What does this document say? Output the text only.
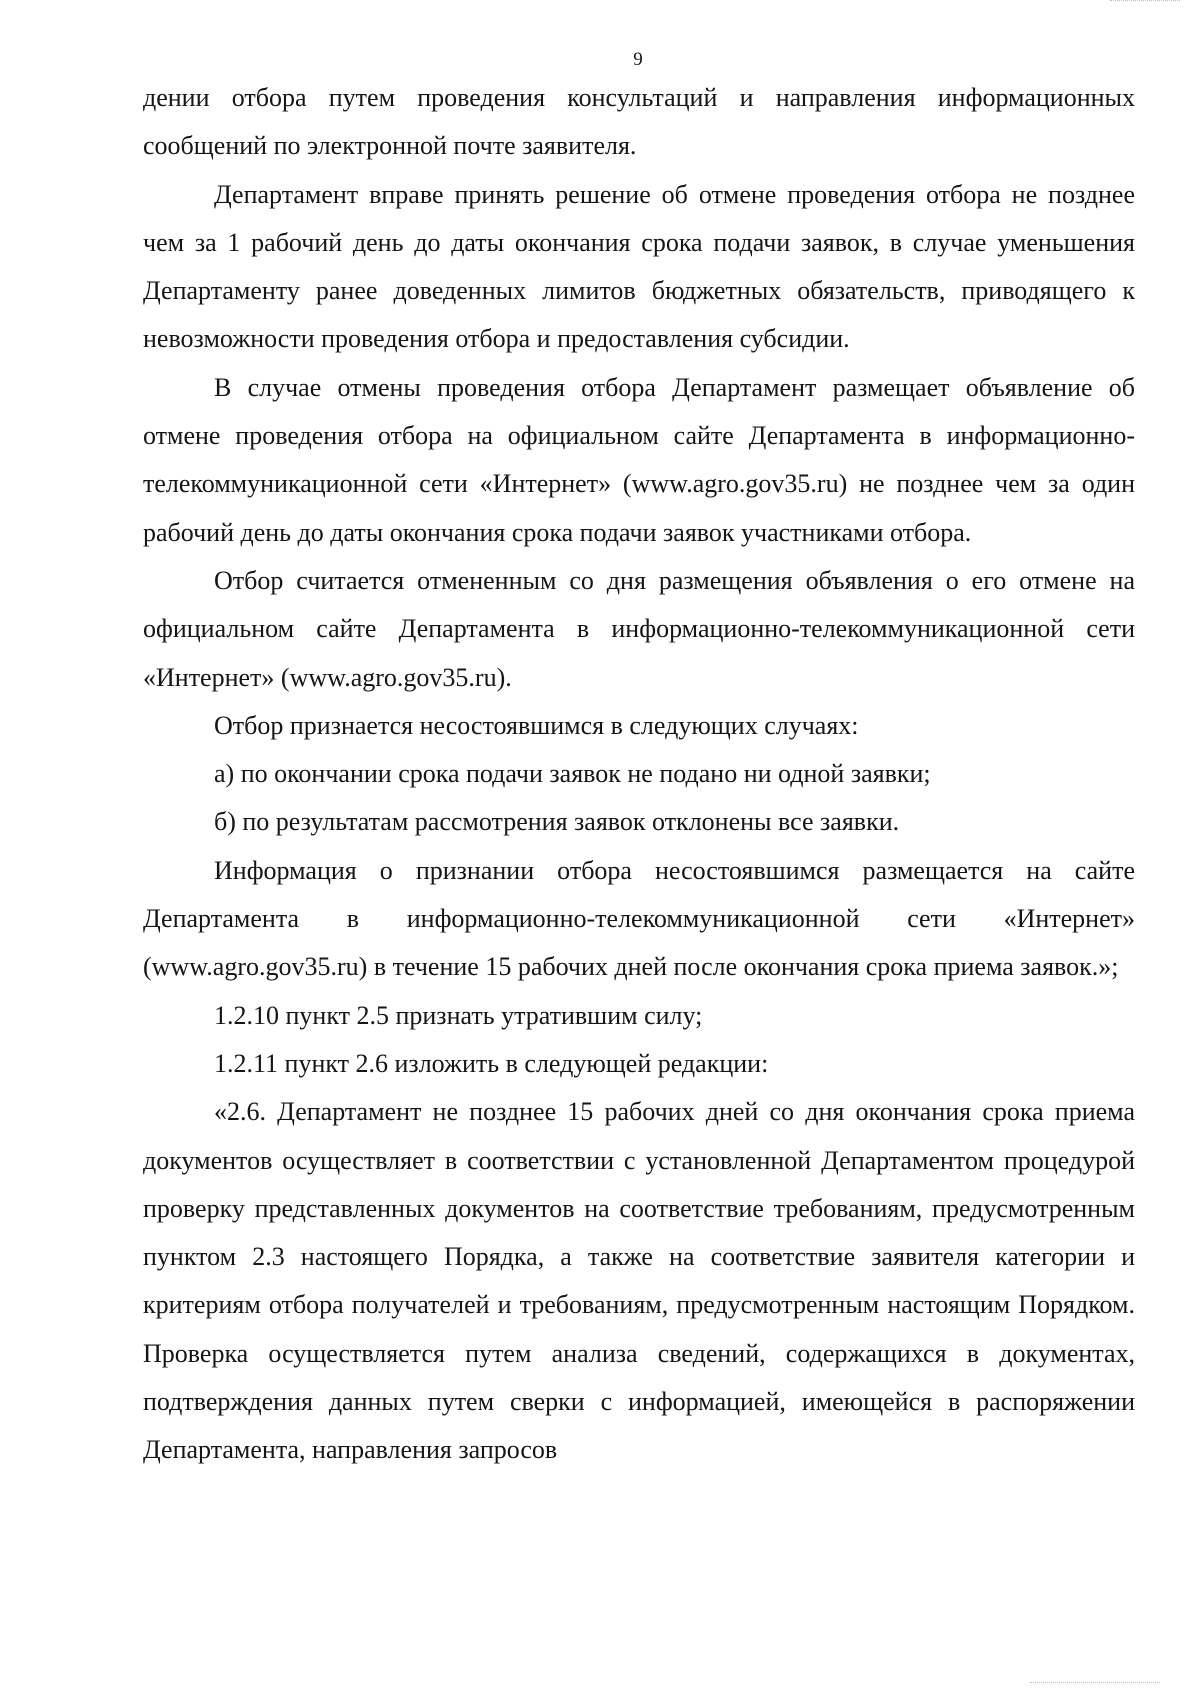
9

дении отбора путем проведения консультаций и направления информационных сообщений по электронной почте заявителя.

Департамент вправе принять решение об отмене проведения отбора не позднее чем за 1 рабочий день до даты окончания срока подачи заявок, в случае уменьшения Департаменту ранее доведенных лимитов бюджетных обязательств, приводящего к невозможности проведения отбора и предоставления субсидии.

В случае отмены проведения отбора Департамент размещает объявление об отмене проведения отбора на официальном сайте Департамента в информационно-телекоммуникационной сети «Интернет» (www.agro.gov35.ru) не позднее чем за один рабочий день до даты окончания срока подачи заявок участниками отбора.

Отбор считается отмененным со дня размещения объявления о его отмене на официальном сайте Департамента в информационно-телекоммуникационной сети «Интернет» (www.agro.gov35.ru).

Отбор признается несостоявшимся в следующих случаях:

а) по окончании срока подачи заявок не подано ни одной заявки;

б) по результатам рассмотрения заявок отклонены все заявки.

Информация о признании отбора несостоявшимся размещается на сайте Департамента в информационно-телекоммуникационной сети «Интернет» (www.agro.gov35.ru) в течение 15 рабочих дней после окончания срока приема заявок.»;

1.2.10 пункт 2.5 признать утратившим силу;

1.2.11 пункт 2.6 изложить в следующей редакции:

«2.6. Департамент не позднее 15 рабочих дней со дня окончания срока приема документов осуществляет в соответствии с установленной Департаментом процедурой проверку представленных документов на соответствие требованиям, предусмотренным пунктом 2.3 настоящего Порядка, а также на соответствие заявителя категории и критериям отбора получателей и требованиям, предусмотренным настоящим Порядком. Проверка осуществляется путем анализа сведений, содержащихся в документах, подтверждения данных путем сверки с информацией, имеющейся в распоряжении Департамента, направления запросов
